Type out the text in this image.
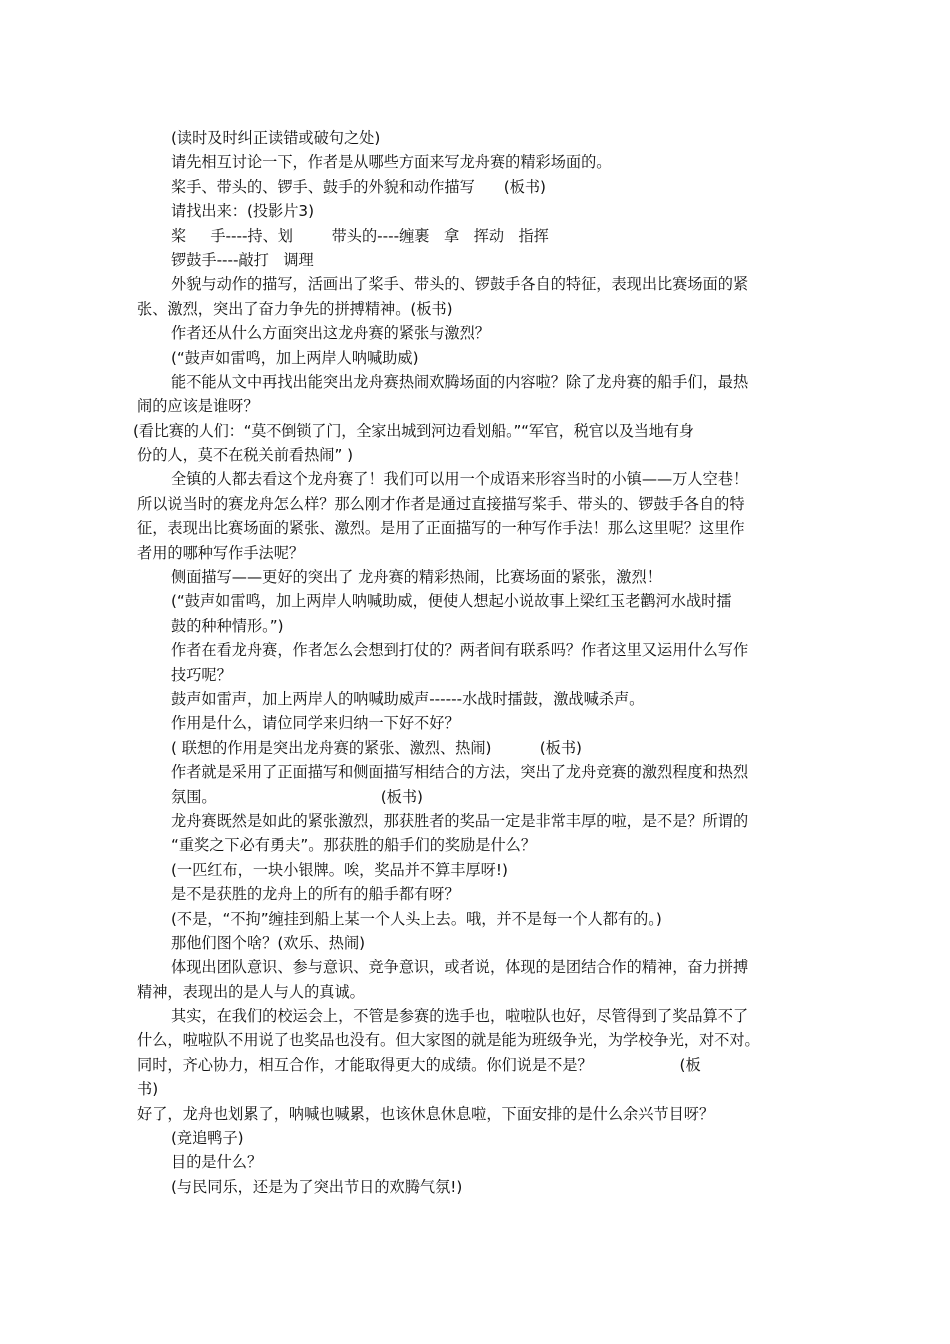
(读时及时纠正读错或破句之处)
请先相互讨论一下，作者是从哪些方面来写龙舟赛的精彩场面的。
桨手、带头的、锣手、鼓手的外貌和动作描写      (板书)
请找出来：(投影片3)
桨     手----持、划        带头的----缠裹   拿   挥动   指挥
锣鼓手----敲打   调理
外貌与动作的描写，活画出了桨手、带头的、锣鼓手各自的特征，表现出比赛场面的紧
张、激烈，突出了奋力争先的拼搏精神。(板书)
作者还从什么方面突出这龙舟赛的紧张与激烈？
(“鼓声如雷鸣，加上两岸人呐喊助威)
能不能从文中再找出能突出龙舟赛热闹欢腾场面的内容啦？除了龙舟赛的船手们，最热
闹的应该是谁呀？
(看比赛的人们：“莫不倒锁了门，全家出城到河边看划船。”“军官，税官以及当地有身
份的人，莫不在税关前看热闹” )
全镇的人都去看这个龙舟赛了！我们可以用一个成语来形容当时的小镇——万人空巷！
所以说当时的赛龙舟怎么样？那么刚才作者是通过直接描写桨手、带头的、锣鼓手各自的特
征，表现出比赛场面的紧张、激烈。是用了正面描写的一种写作手法！那么这里呢？这里作
者用的哪种写作手法呢？
侧面描写——更好的突出了 龙舟赛的精彩热闹，比赛场面的紧张，激烈！
(“鼓声如雷鸣，加上两岸人呐喊助威，便使人想起小说故事上梁红玉老鹳河水战时擂
鼓的种种情形。”)
作者在看龙舟赛，作者怎么会想到打仗的？两者间有联系吗？作者这里又运用什么写作
技巧呢？
鼓声如雷声，加上两岸人的呐喊助威声------水战时擂鼓，激战喊杀声。
作用是什么，请位同学来归纳一下好不好？
( 联想的作用是突出龙舟赛的紧张、激烈、热闹)          (板书)
作者就是采用了正面描写和侧面描写相结合的方法，突出了龙舟竞赛的激烈程度和热烈
氛围。                                  (板书)
龙舟赛既然是如此的紧张激烈，那获胜者的奖品一定是非常丰厚的啦，是不是？所谓的
“重奖之下必有勇夫”。那获胜的船手们的奖励是什么？
(一匹红布，一块小银牌。唉，奖品并不算丰厚呀!)
是不是获胜的龙舟上的所有的船手都有呀？
(不是，“不拘”缠挂到船上某一个人头上去。哦，并不是每一个人都有的。)
那他们图个啥？(欢乐、热闹)
体现出团队意识、参与意识、竞争意识，或者说，体现的是团结合作的精神，奋力拼搏
精神，表现出的是人与人的真诚。
其实，在我们的校运会上，不管是参赛的选手也，啦啦队也好，尽管得到了奖品算不了
什么，啦啦队不用说了也奖品也没有。但大家图的就是能为班级争光，为学校争光，对不对。
同时，齐心协力，相互合作，才能取得更大的成绩。你们说是不是？                  (板
书)
好了，龙舟也划累了，呐喊也喊累，也该休息休息啦，下面安排的是什么余兴节目呀？
(竞追鸭子)
目的是什么？
(与民同乐，还是为了突出节日的欢腾气氛!)
